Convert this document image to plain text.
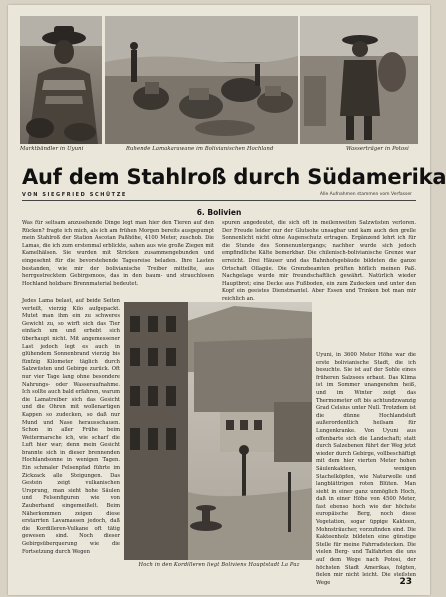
Marktbändler in Uyuni	Ruhende Lamakarawane im Bolivianischen Hochland	Wasserträger in Potosi
Auf dem Stahlroß durch Südamerika
VON SIEGFRIED SCHÜTZE	Alle Aufnahmen stammen vom Verfasser
6. Bolivien

Was für seltsam anzusehende Dinge legt man hier den Tieren auf den Rücken? fragte ich mich, als ich am frühen Morgen bereits ausgepumpt mein Stahlroß der Station Ascotan Paßhöhe, 4100 Meter, zuschob. Die Lamas, die ich zum erstenmal erblickte, sahen aus wie große Ziegen mit Kamelhälsen. Sie wurden mit Stricken zusammengebunden und eingesehnt für die bevorstehende Tagesreise beladen. Ihre Lasten bestanden, wie mir der bolivianische Treiber mitteilte, aus herrgestrecktem Gebirgsmoos, das in den baum- und strauchlosen Hochland holzbare Brennmaterial bedeutet.

Jedes Lama belast, auf beide Seiten verteilt, vierzig Kilo aufgepackt. Mutet man ihm ein zu schweres Gewicht zu, so wirft sich das Tier einfach um und erhebt sich überhaupt nicht. Mit angemessener Last jedoch legt es auch in glühendem Sonnenbrand vierzig bis fünfzig Kilometer täglich durch Salzwüsten und Gebirge zurück. Oft nur vier Tage lang ohne besondere Nahrungs- oder Wasseraufnahme. Ich sollte auch bald erfahren, warum die Lamatreiber sich das Gesicht und die Ohren mit wollenartigen Kappen so zudecken, so daß nur Mund und Nase herausschauen. Schon in aller Frühe beim Weitermarsche ich, wie scharf die Luft hier war; denn mein Gesicht brannte sich in dieser brennenden Hochlandsonne in wenigen Tagen. Ein schmaler Felsenpfad führte im Zickzack alle Steigungen. Das Gestein zeigt vulkanischen Ursprung, man sieht hohe Säulen und Felsenfiguren wie von Zauberhand eingemeißelt. Beim Näherkommen zeigen diese erstarrten Lavamassen jedoch, daß die Kordilleren-Vulkane oft tätig gewesen sind. Noch dieser Gebirgsüberquerung wie die Fortsetzung durch Wegen

spuren angedeutet, die sich oft in meilenweiten Salzwüsten verloren. Der Freude leider nur der Glutsohe unsagbar und kam auch den grelle Sonnenlicht nicht ohne Augenschutz ertragen. Ergänzend lehrt ich für die Stunde des Sonnenuntergangs; nachher wurde sich jedoch empfindliche Kälte bemerkbar. Die chilenisch-bolivianische Grenze war erreicht. Drei Häuser und das Bahnhofsgebäude bildeten die ganze Ortschaft Ollagüe. Die Grenzbeamten prüften höflich meinen Paß. Nachgelage wurde mir freundschaftlich gewährt. Natürlich wieder Hauptbrot; eine Decke aus Fußboden, ein zum Zudecken und unter den Kopf ein geeistes Dienstmantel. Aber Essen und Trinken bot man mir reichlich an.

Uyuni, in 3600 Meter Höhe war die erste bolivianische Stadt, die ich besuchte. Sie ist auf der Sohle eines früheren Salzsees erbaut. Das Klima ist im Sommer unangenehm heiß, und im Winter zeigt das Thermometer oft bis achtundzwanzig Grad Celsius unter Null. Trotzdem ist die dünne Hochlandsluft außerordentlich heilsam für Lungenkranke. Von Uyuni aus offenbarte sich die Landschaft; statt durch Salzebenen führt der Weg jetzt wieder durch Gebirge, vollbeschäftigt mit dem hier vierten Meter hohen Säulenkakteen, wenigen Stachelköpfen, wie Naturwolle und langblättrigen roten Blüten. Man sieht in einer ganz unmöglich Hoch, daß in einer Höhe von 4500 Meter, fast ebenso hoch wie der höchste europäische Berg, noch diese Vegetation, sogar üppige Kakteen, Mohnsträucher, vorzufinden sind. Die Kakteenholz bildeten eine günstige Stelle für meine Fahrradstecken. Die vielen Berg- und Talfahrten die uns auf dem Wege nach Potosi, der höchsten Stadt Amerikas, folgten, fielen mir nicht leicht. Die steilsten Wege

Hoch in den Kordilleren liegt Boliviens Hauptstadt La Paz
23
